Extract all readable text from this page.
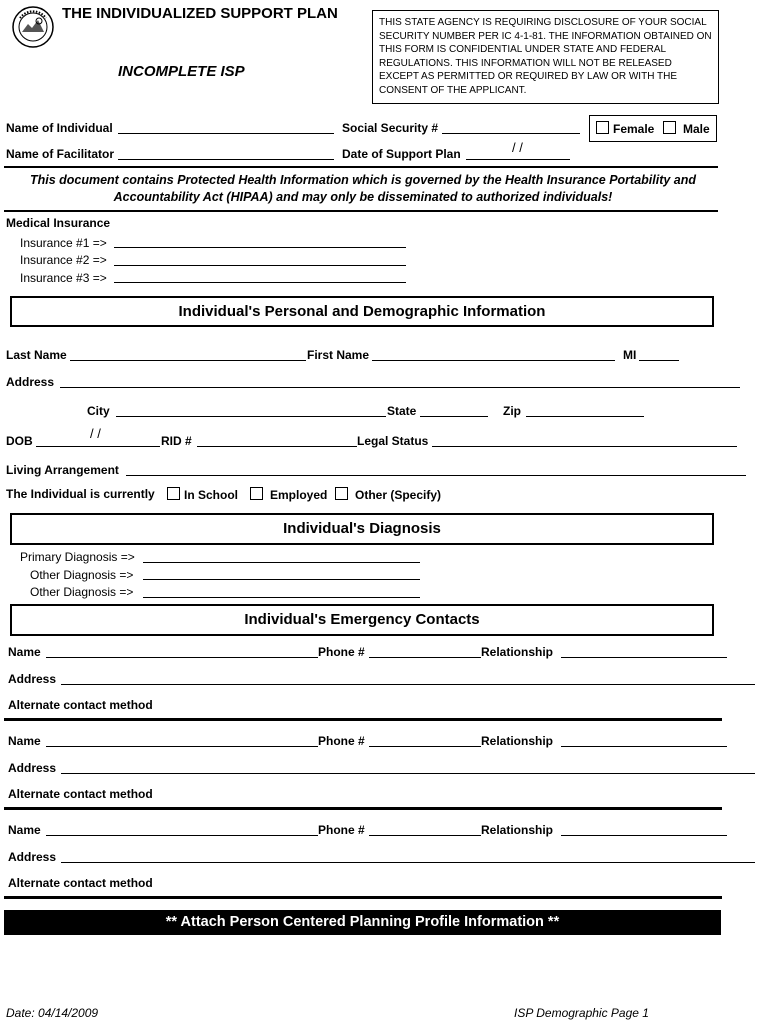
THE INDIVIDUALIZED SUPPORT PLAN
INCOMPLETE ISP
THIS STATE AGENCY IS REQUIRING DISCLOSURE OF YOUR SOCIAL SECURITY NUMBER PER IC 4-1-81. THE INFORMATION OBTAINED ON THIS FORM IS CONFIDENTIAL UNDER STATE AND FEDERAL REGULATIONS. THIS INFORMATION WILL NOT BE RELEASED EXCEPT AS PERMITTED OR REQUIRED BY LAW OR WITH THE CONSENT OF THE APPLICANT.
Name of Individual	Social Security #	Female Male
Name of Facilitator	Date of Support Plan	/ /
This document contains Protected Health Information which is governed by the Health Insurance Portability and Accountability Act (HIPAA) and may only be disseminated to authorized individuals!
Medical Insurance
Insurance #1 =>
Insurance #2 =>
Insurance #3 =>
Individual's Personal and Demographic Information
Last Name	First Name	MI
Address
City	State	Zip
DOB	/ /	RID #	Legal Status
Living Arrangement
The Individual is currently In School	Employed Other (Specify)
Individual's Diagnosis
Primary Diagnosis =>
Other Diagnosis =>
Other Diagnosis =>
Individual's Emergency Contacts
Name	Phone #	Relationship
Address
Alternate contact method
Name	Phone #	Relationship
Address
Alternate contact method
Name	Phone #	Relationship
Address
Alternate contact method
** Attach Person Centered Planning Profile Information **
Date: 04/14/2009	ISP Demographic Page 1
